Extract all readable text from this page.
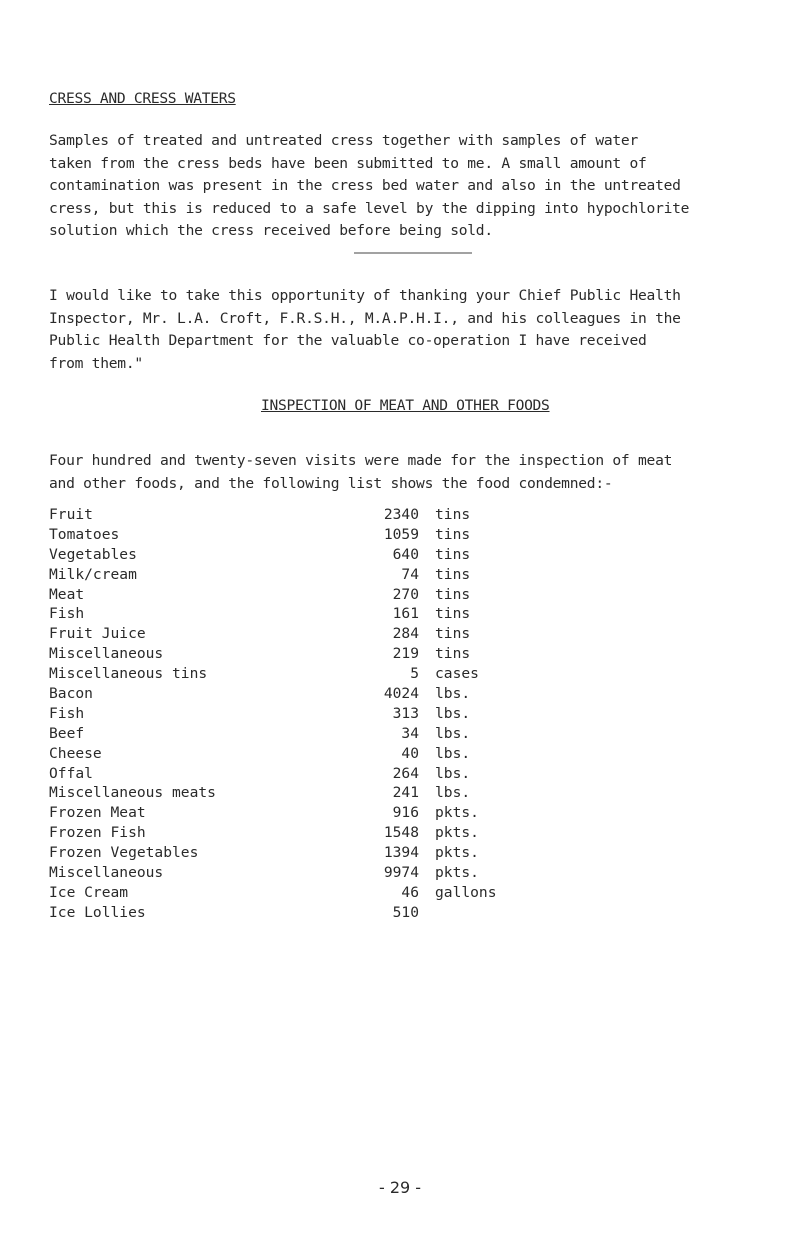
CRESS AND CRESS WATERS
Samples of treated and untreated cress together with samples of water
taken from the cress beds have been submitted to me. A small amount of
contamination was present in the cress bed water and also in the untreated
cress, but this is reduced to a safe level by the dipping into hypochlorite
solution which the cress received before being sold.
I would like to take this opportunity of thanking your Chief Public Health
Inspector, Mr. L.A. Croft, F.R.S.H., M.A.P.H.I., and his colleagues in the
Public Health Department for the valuable co-operation I have received
from them."
INSPECTION OF MEAT AND OTHER FOODS
Four hundred and twenty-seven visits were made for the inspection of meat
and other foods, and the following list shows the food condemned:-
Fruit	2340 tins
Tomatoes	1059 tins
Vegetables	640 tins
Milk/cream	74 tins
Meat	270 tins
Fish	161 tins
Fruit Juice	284 tins
Miscellaneous	219 tins
Miscellaneous tins	5 cases
Bacon	4024 lbs.
Fish	313 lbs.
Beef	34 lbs.
Cheese	40 lbs.
Offal	264 lbs.
Miscellaneous meats	241 lbs.
Frozen Meat	916 pkts.
Frozen Fish	1548 pkts.
Frozen Vegetables	1394 pkts.
Miscellaneous	9974 pkts.
Ice Cream	46 gallons
Ice Lollies	510
- 29 -
